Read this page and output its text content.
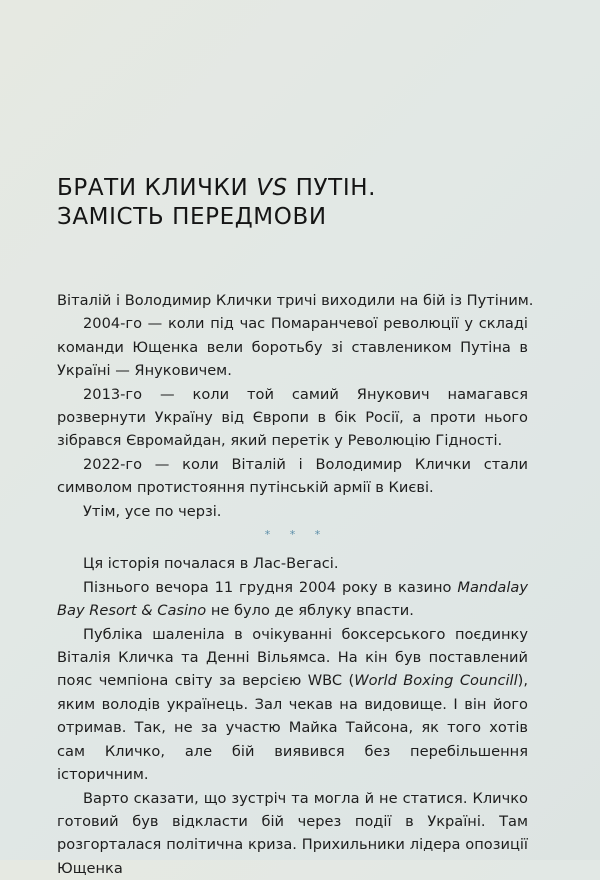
БРАТИ КЛИЧКИ VS ПУТІН.
ЗАМІСТЬ ПЕРЕДМОВИ

Віталій і Володимир Клички тричі виходили на бій із Путіним.

2004-го — коли під час Помаранчевої революції у складі команди Ющенка вели боротьбу зі ставлеником Путіна в Україні — Януковичем.

2013-го — коли той самий Янукович намагався розвернути Україну від Європи в бік Росії, а проти нього зібрався Євромайдан, який перетік у Революцію Гідності.

2022-го — коли Віталій і Володимир Клички стали символом протистояння путінській армії в Києві.

Утім, усе по черзі.

* * *

Ця історія почалася в Лас-Вегасі.

Пізнього вечора 11 грудня 2004 року в казино Mandalay Bay Resort & Casino не було де яблуку впасти.

Публіка шаленіла в очікуванні боксерського поєдинку Віталія Кличка та Денні Вільямса. На кін був поставлений пояс чемпіона світу за версією WBC (World Boxing Councill), яким володів українець. Зал чекав на видовище. І він його отримав. Так, не за участю Майка Тайсона, як того хотів сам Кличко, але бій виявився без перебільшення історичним.

Варто сказати, що зустріч та могла й не статися. Кличко готовий був відкласти бій через події в Україні. Там розгорталася політична криза. Прихильники лідера опозиції Ющенка
